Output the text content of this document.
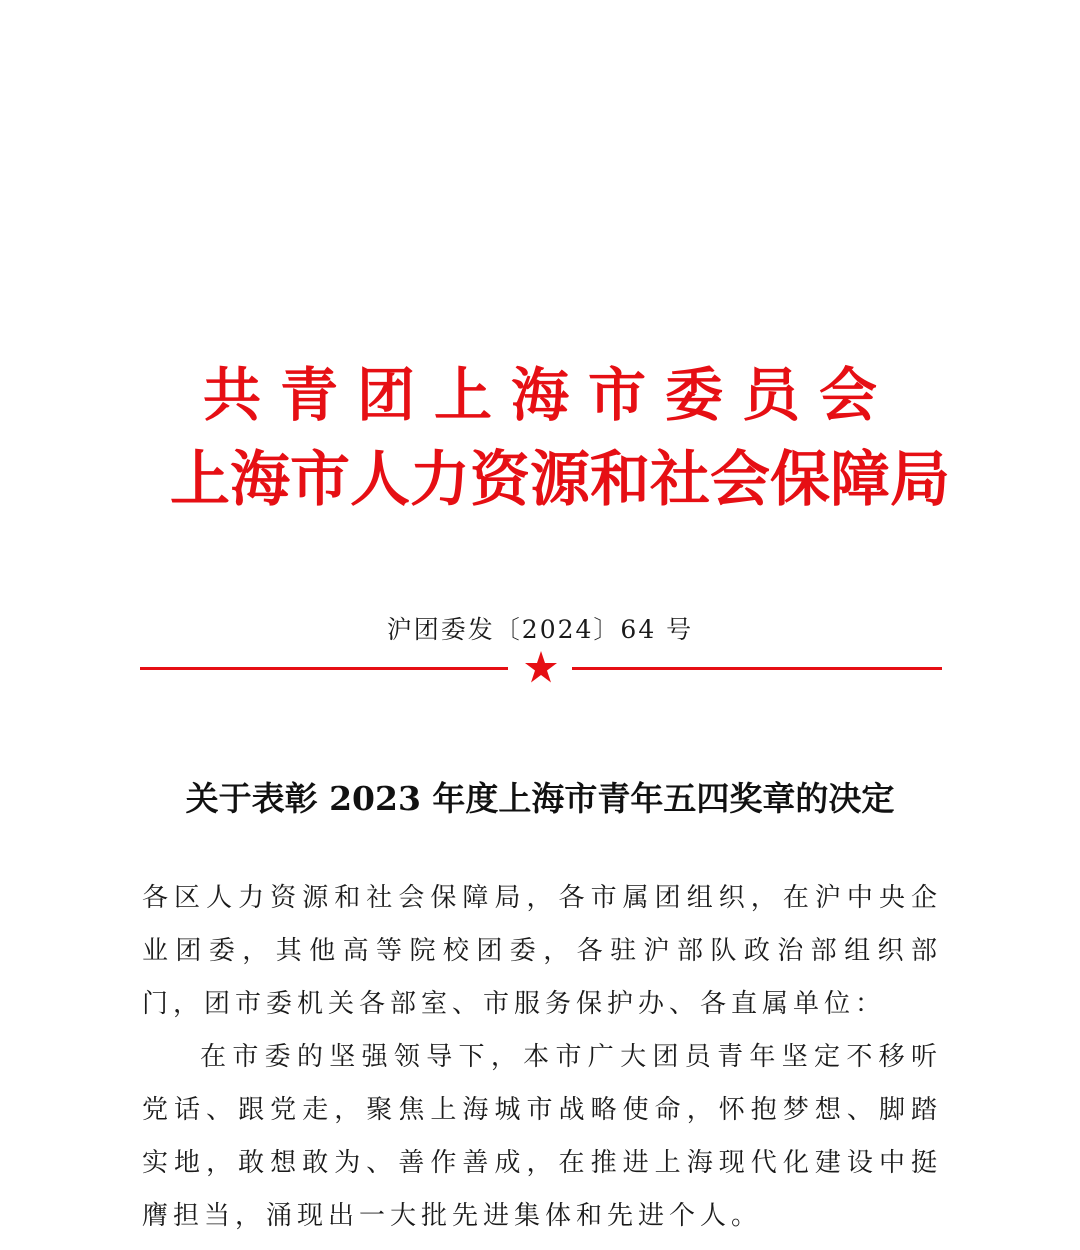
共青团上海市委员会
上海市人力资源和社会保障局
沪团委发〔2024〕64 号
关于表彰 2023 年度上海市青年五四奖章的决定

各区人力资源和社会保障局，各市属团组织，在沪中央企业团委，其他高等院校团委，各驻沪部队政治部组织部门，团市委机关各部室、市服务保护办、各直属单位：

在市委的坚强领导下，本市广大团员青年坚定不移听党话、跟党走，聚焦上海城市战略使命，怀抱梦想、脚踏实地，敢想敢为、善作善成，在推进上海现代化建设中挺膺担当，涌现出一大批先进集体和先进个人。
